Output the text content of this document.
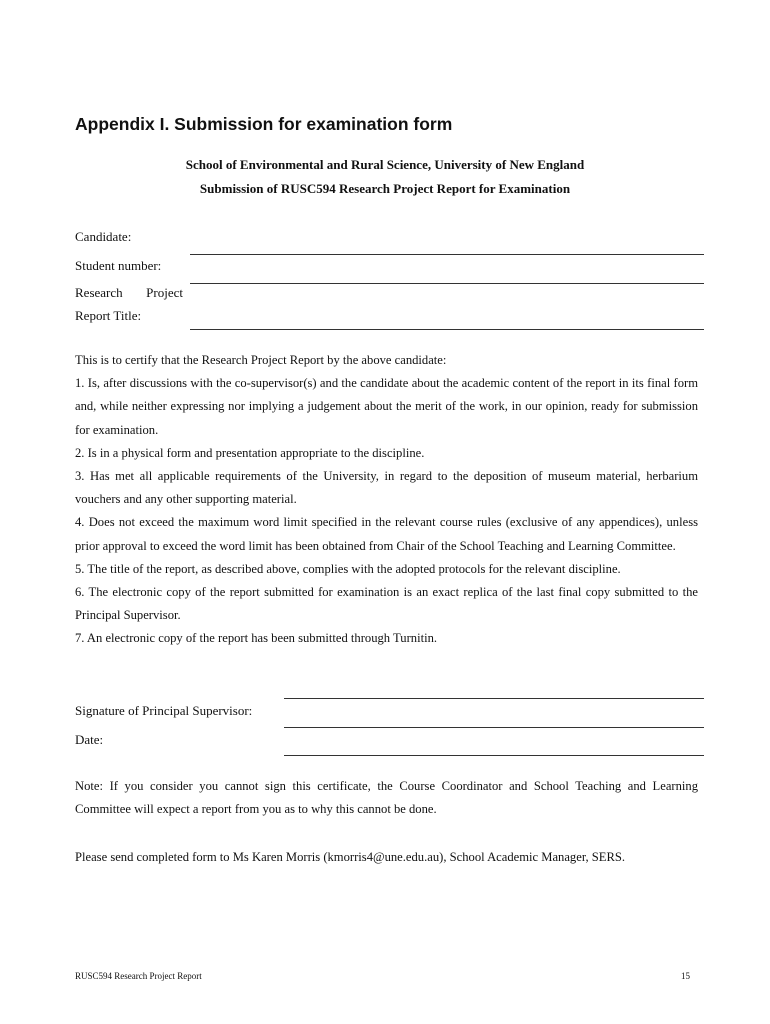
Appendix I. Submission for examination form
School of Environmental and Rural Science, University of New England
Submission of RUSC594 Research Project Report for Examination
Candidate:
Student number:
Research Project
Report Title:

This is to certify that the Research Project Report by the above candidate:

1. Is, after discussions with the co-supervisor(s) and the candidate about the academic content of the report in its final form and, while neither expressing nor implying a judgement about the merit of the work, in our opinion, ready for submission for examination.

2. Is in a physical form and presentation appropriate to the discipline.

3. Has met all applicable requirements of the University, in regard to the deposition of museum material, herbarium vouchers and any other supporting material.

4. Does not exceed the maximum word limit specified in the relevant course rules (exclusive of any appendices), unless prior approval to exceed the word limit has been obtained from Chair of the School Teaching and Learning Committee.

5. The title of the report, as described above, complies with the adopted protocols for the relevant discipline.

6. The electronic copy of the report submitted for examination is an exact replica of the last final copy submitted to the Principal Supervisor.

7. An electronic copy of the report has been submitted through Turnitin.

Signature of Principal Supervisor:
Date:

Note: If you consider you cannot sign this certificate, the Course Coordinator and School Teaching and Learning Committee will expect a report from you as to why this cannot be done.

Please send completed form to Ms Karen Morris (kmorris4@une.edu.au), School Academic Manager, SERS.

RUSC594 Research Project Report	15
